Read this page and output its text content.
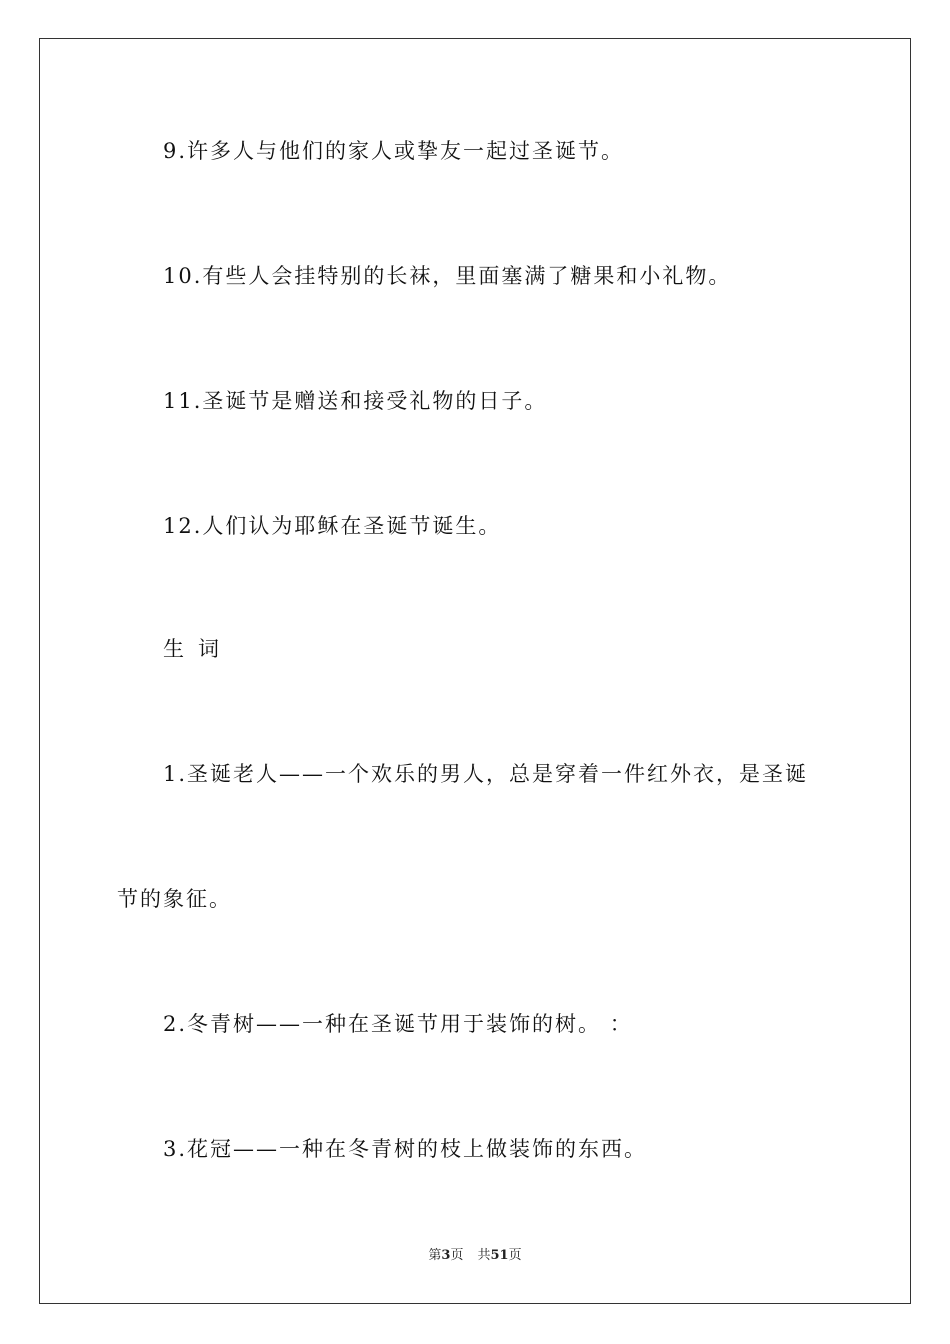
9.许多人与他们的家人或挚友一起过圣诞节。
10.有些人会挂特别的长袜，里面塞满了糖果和小礼物。
11.圣诞节是赠送和接受礼物的日子。
12.人们认为耶稣在圣诞节诞生。
生词
1.圣诞老人——一个欢乐的男人，总是穿着一件红外衣，是圣诞
节的象征。
2.冬青树——一种在圣诞节用于装饰的树。 ：
3.花冠——一种在冬青树的枝上做装饰的东西。
第3页 共51页
